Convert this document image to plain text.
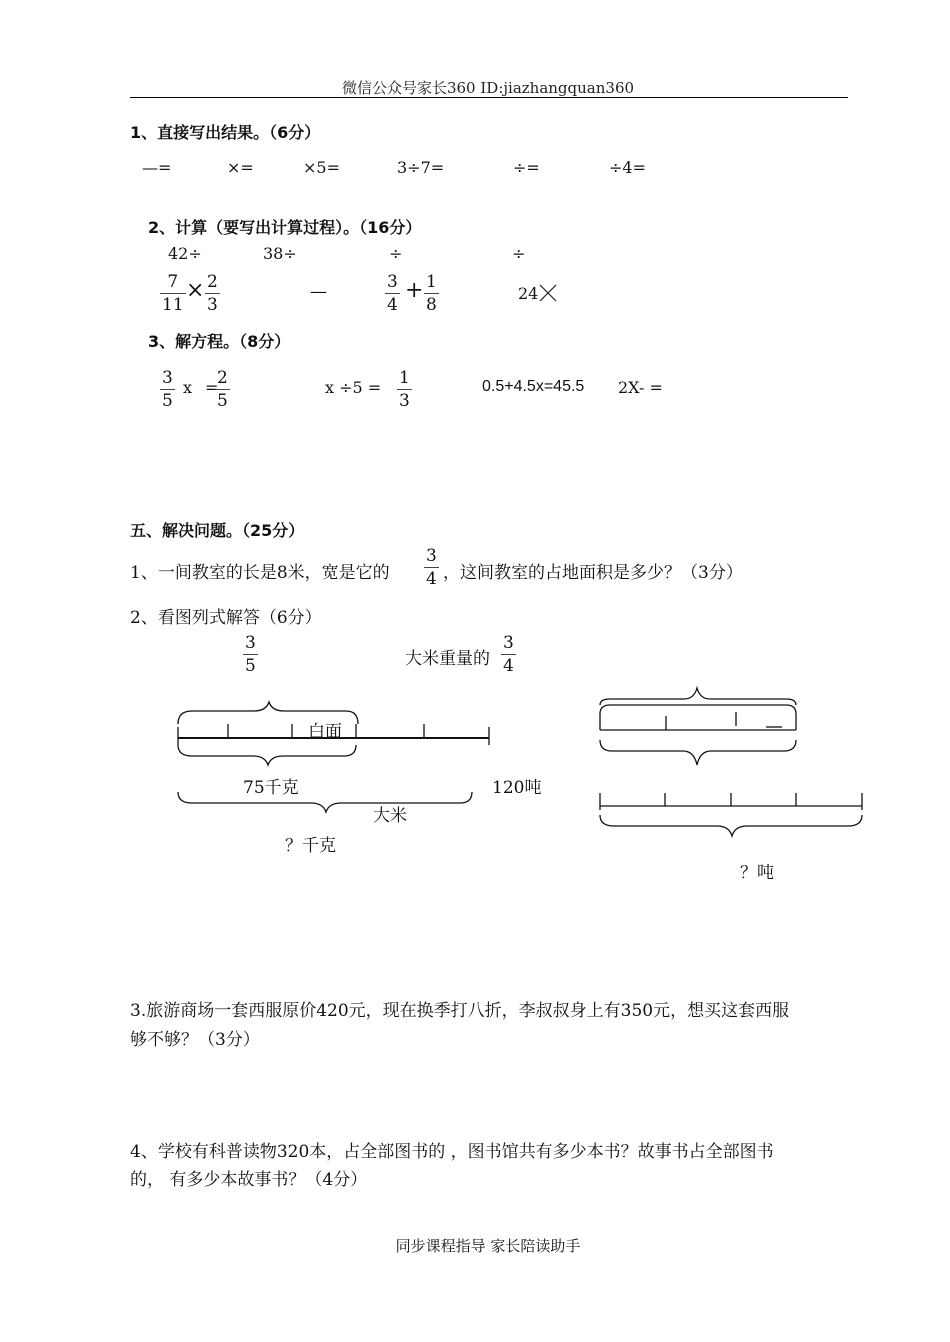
微信公众号家长360 ID:jiazhangquan360
1、直接写出结果。（6分）
—=	×=	×5=	3÷7=	÷=	÷4=
2、计算（要写出计算过程）。（16分）
42÷	38÷	÷	÷
7
11
× 2
3
—	3
4
+ 1
8
24
3、解方程。（8分）
3
5
x =
2
5
x ÷5 = 1
3
0.5+4.5x=45.5 2X- =
五、解决问题。（25分）
1、一间教室的长是8米，宽是它的
3
4 ，这间教室的占地面积是多少？（3分）
2、看图列式解答（6分）
3
5
白面
75千克
大米
？千克
大米重量的
3
4
120吨
？吨
3.旅游商场一套西服原价420元，现在换季打八折，李叔叔身上有350元，想买这套西服
够不够？（3分）
4、学校有科普读物320本，占全部图书的 ，图书馆共有多少本书？故事书占全部图书
的， 有多少本故事书？（4分）
同步课程指导 家长陪读助手
